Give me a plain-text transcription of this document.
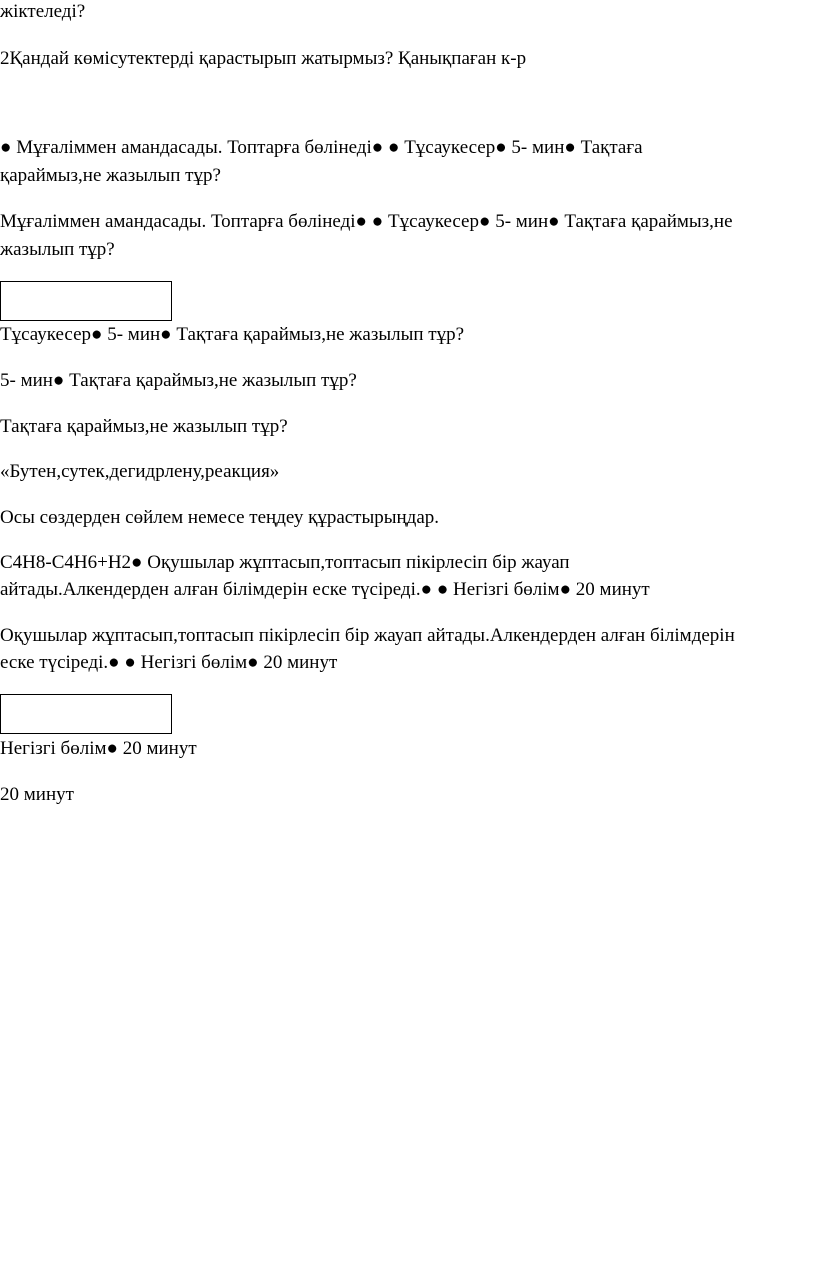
жіктеледі?

2Қандай көмісутектерді қарастырып жатырмыз? Қанықпаған к-р

● Мұғаліммен амандасады. Топтарға бөлінеді● ● Тұсаукесер● 5- мин● Тақтаға

қараймыз,не жазылып тұр?

Мұғаліммен амандасады. Топтарға бөлінеді● ● Тұсаукесер● 5- мин● Тақтаға қараймыз,не

жазылып тұр?

Тұсаукесер● 5- мин● Тақтаға қараймыз,не жазылып тұр?

5- мин● Тақтаға қараймыз,не жазылып тұр?

Тақтаға қараймыз,не жазылып тұр?

«Бутен,сутек,дегидрлену,реакция»

Осы сөздерден сөйлем немесе теңдеу құрастырыңдар.

C4H8-C4H6+H2● Оқушылар жұптасып,топтасып пікірлесіп бір жауап

айтады.Алкендерден алған білімдерін еске түсіреді.● ● Негізгі бөлім● 20 минут

Оқушылар жұптасып,топтасып пікірлесіп бір жауап айтады.Алкендерден алған білімдерін

еске түсіреді.● ● Негізгі бөлім● 20 минут

Негізгі бөлім● 20 минут

20 минут
